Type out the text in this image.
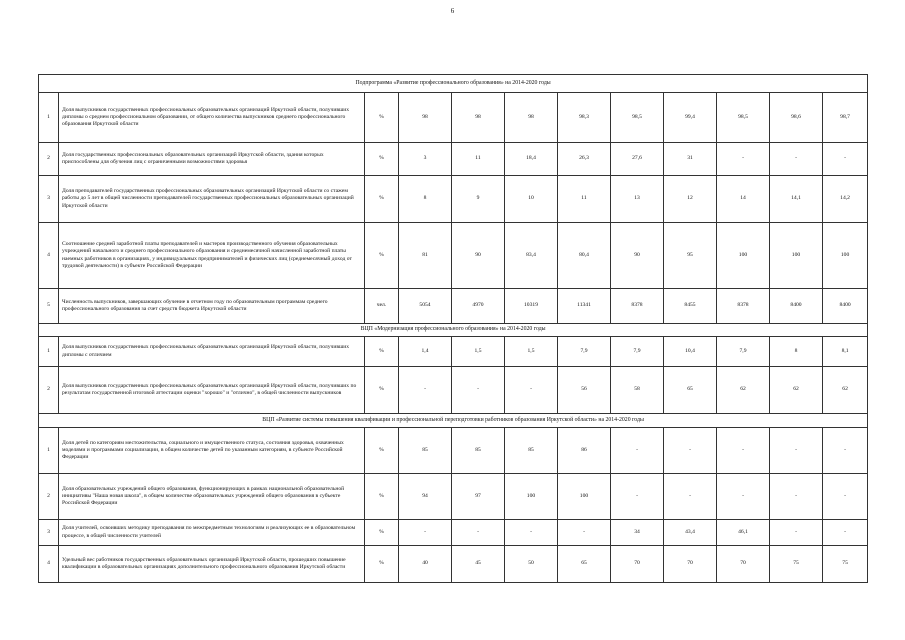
6
Подпрограмма «Развитие профессионального образования» на 2014-2020 годы											
1	Доля выпускников государственных профессиональных образовательных организаций Иркутской области, получивших дипломы о среднем профессиональном образовании, от общего количества выпускников среднего профессионального образования Иркутской области	%	98	98	98	98,3	98,5	99,4	98,5	98,6	98,7
2	Доля государственных профессиональных образовательных организаций Иркутской области, здания которых приспособлены для обучения лиц с ограниченными возможностями здоровья	%	3	11	18,4	26,3	27,6	31	-	-	-
3	Доля преподавателей государственных профессиональных образовательных организаций Иркутской области со стажем работы до 5 лет в общей численности преподавателей государственных профессиональных образовательных организаций Иркутской области	%	8	9	10	11	13	12	14	14,1	14,2
4	Соотношение средней заработной платы преподавателей и мастеров производственного обучения образовательных учреждений начального и среднего профессионального образования и среднемесячной начисленной заработной платы наемных работников в организациях, у индивидуальных предпринимателей и физических лиц (среднемесячный доход от трудовой деятельности) в субъекте Российской Федерации	%	81	90	83,4	80,4	90	95	100	100	100
5	Численность выпускников, завершающих обучение в отчетном году по образовательным программам среднего профессионального образования за счет средств бюджета Иркутской области	чел.	5054	4970	10319	11341	8378	8455	8378	8400	8400
ВЦП «Модернизация профессионального образования» на 2014-2020 годы											
1	Доля выпускников государственных профессиональных образовательных организаций Иркутской области, получивших дипломы с отличием	%	1,4	1,5	1,5	7,9	7,9	10,4	7,9	8	8,1
2	Доля выпускников государственных профессиональных образовательных организаций Иркутской области, получивших по результатам государственной итоговой аттестации оценки "хорошо" и "отлично", в общей численности выпускников	%	-	-	-	56	58	65	62	62	62
ВЦП «Развитие системы повышения квалификации и профессиональной переподготовки работников образования Иркутской области» на 2014-2020 годы											
1	Доля детей по категориям местожительства, социального и имущественного статуса, состояния здоровья, охваченных моделями и программами социализации, в общем количестве детей по указанным категориям, в субъекте Российской Федерации	%	85	85	85	86	-	-	-	-	-
2	Доля образовательных учреждений общего образования, функционирующих в рамках национальной образовательной инициативы "Наша новая школа", в общем количестве образовательных учреждений общего образования в субъекте Российской Федерации	%	94	97	100	100	-	-	-	-	-
3	Доля учителей, освоивших методику преподавания по межпредметным технологиям и реализующих ее в образовательном процессе, в общей численности учителей	%	-	-	-	-	34	43,4	46,1	-	-
4	Удельный вес работников государственных образовательных организаций Иркутской области, прошедших повышение квалификации в образовательных организациях дополнительного профессионального образования Иркутской области	%	40	45	50	65	70	70	70	75	75
